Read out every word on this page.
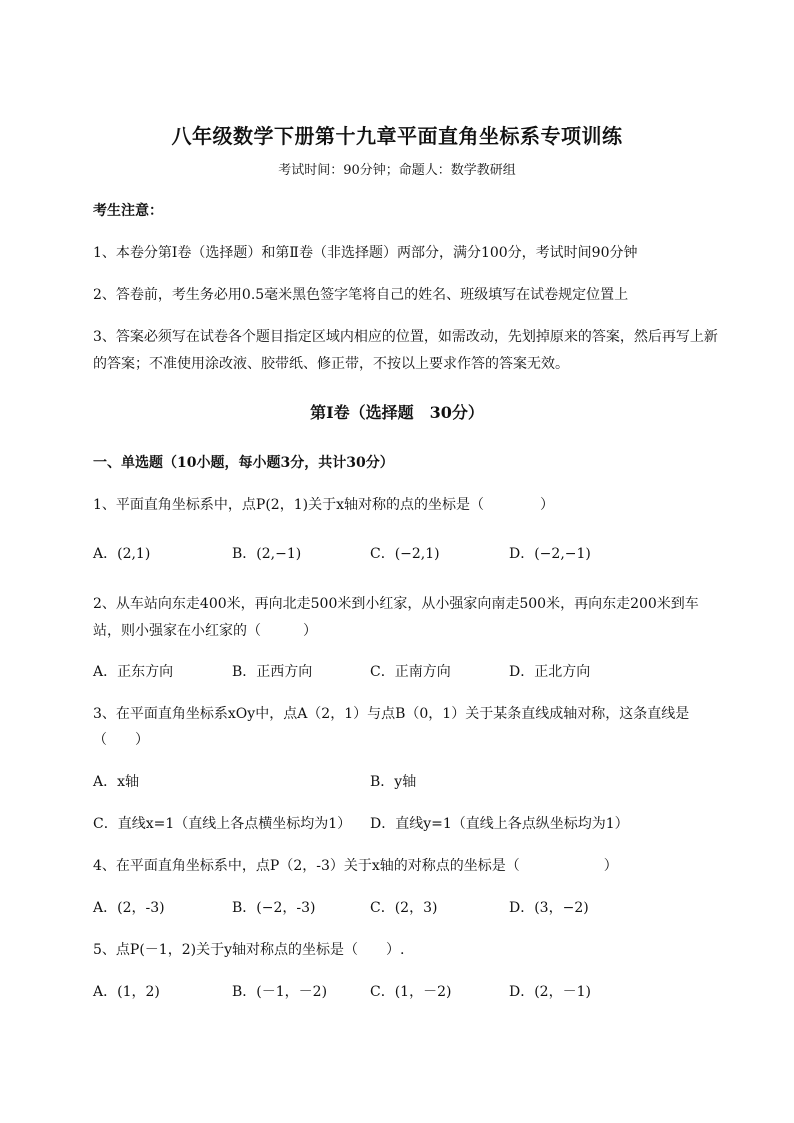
八年级数学下册第十九章平面直角坐标系专项训练
考试时间：90分钟；命题人：数学教研组
考生注意：
1、本卷分第I卷（选择题）和第Ⅱ卷（非选择题）两部分，满分100分，考试时间90分钟
2、答卷前，考生务必用0.5毫米黑色签字笔将自己的姓名、班级填写在试卷规定位置上
3、答案必须写在试卷各个题目指定区域内相应的位置，如需改动，先划掉原来的答案，然后再写上新
的答案；不准使用涂改液、胶带纸、修正带，不按以上要求作答的答案无效。
第I卷（选择题　30分）
一、单选题（10小题，每小题3分，共计30分）
1、平面直角坐标系中，点P(2，1)关于x轴对称的点的坐标是（　　　　）
A．(2,1)	B．(2,−1)	C．(−2,1)	D．(−2,−1)
2、从车站向东走400米，再向北走500米到小红家，从小强家向南走500米，再向东走200米到车
站，则小强家在小红家的（　　　）
A．正东方向	B．正西方向	C．正南方向	D．正北方向
3、在平面直角坐标系xOy中，点A（2，1）与点B（0，1）关于某条直线成轴对称，这条直线是
（　　）
A．x轴	B．y轴
C．直线x=1（直线上各点横坐标均为1） D．直线y=1（直线上各点纵坐标均为1）
4、在平面直角坐标系中，点P（2，-3）关于x轴的对称点的坐标是（　　　　　　）
A．(2，-3)	B．(−2，-3)	C．(2，3)	D．(3，−2)
5、点P(－1，2)关于y轴对称点的坐标是（　　）.
A．(1，2)	B．(－1，－2)	C．(1，－2)	D．(2，－1)
